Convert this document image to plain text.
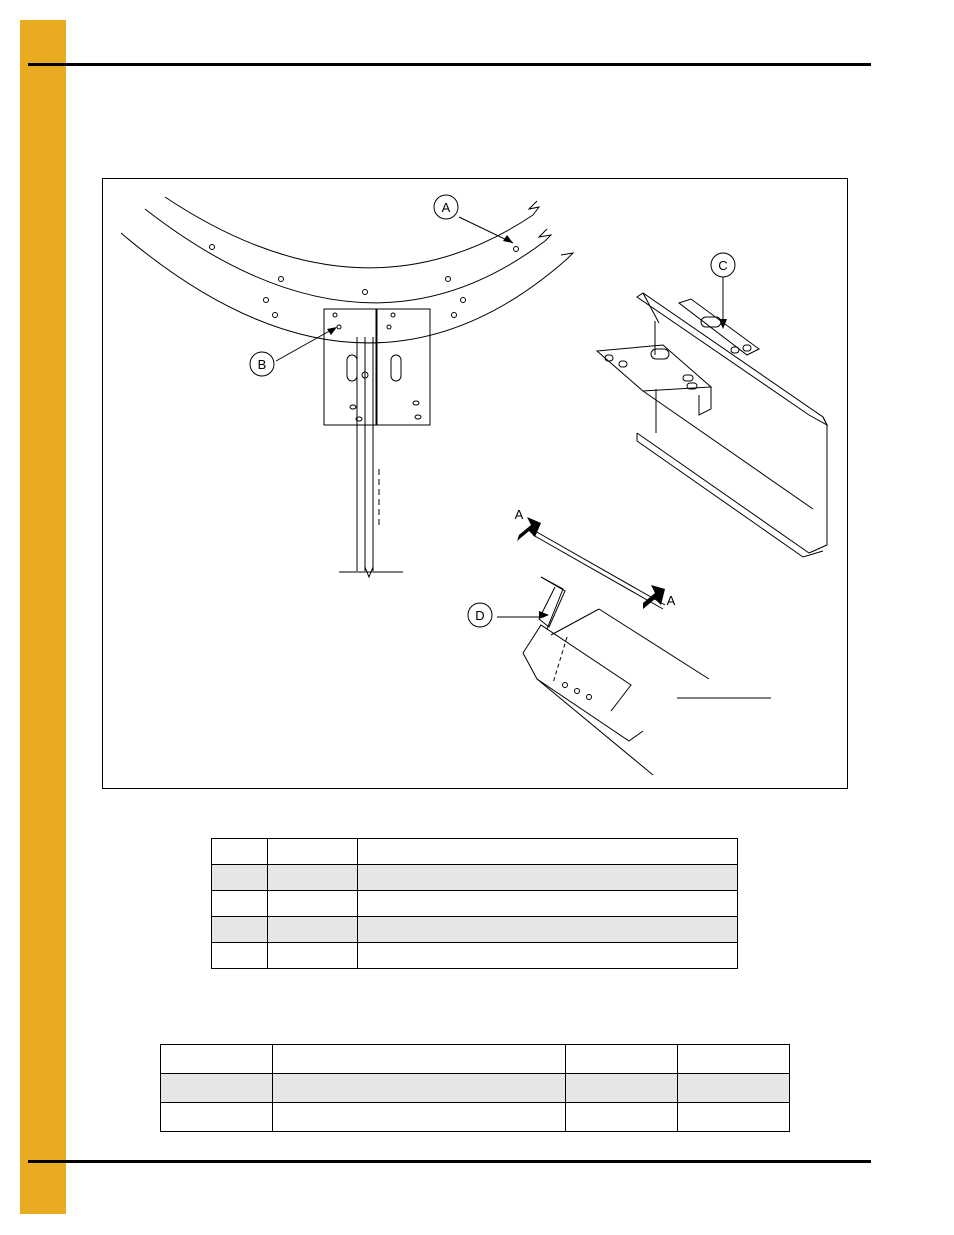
A
B
C
D
A
A
